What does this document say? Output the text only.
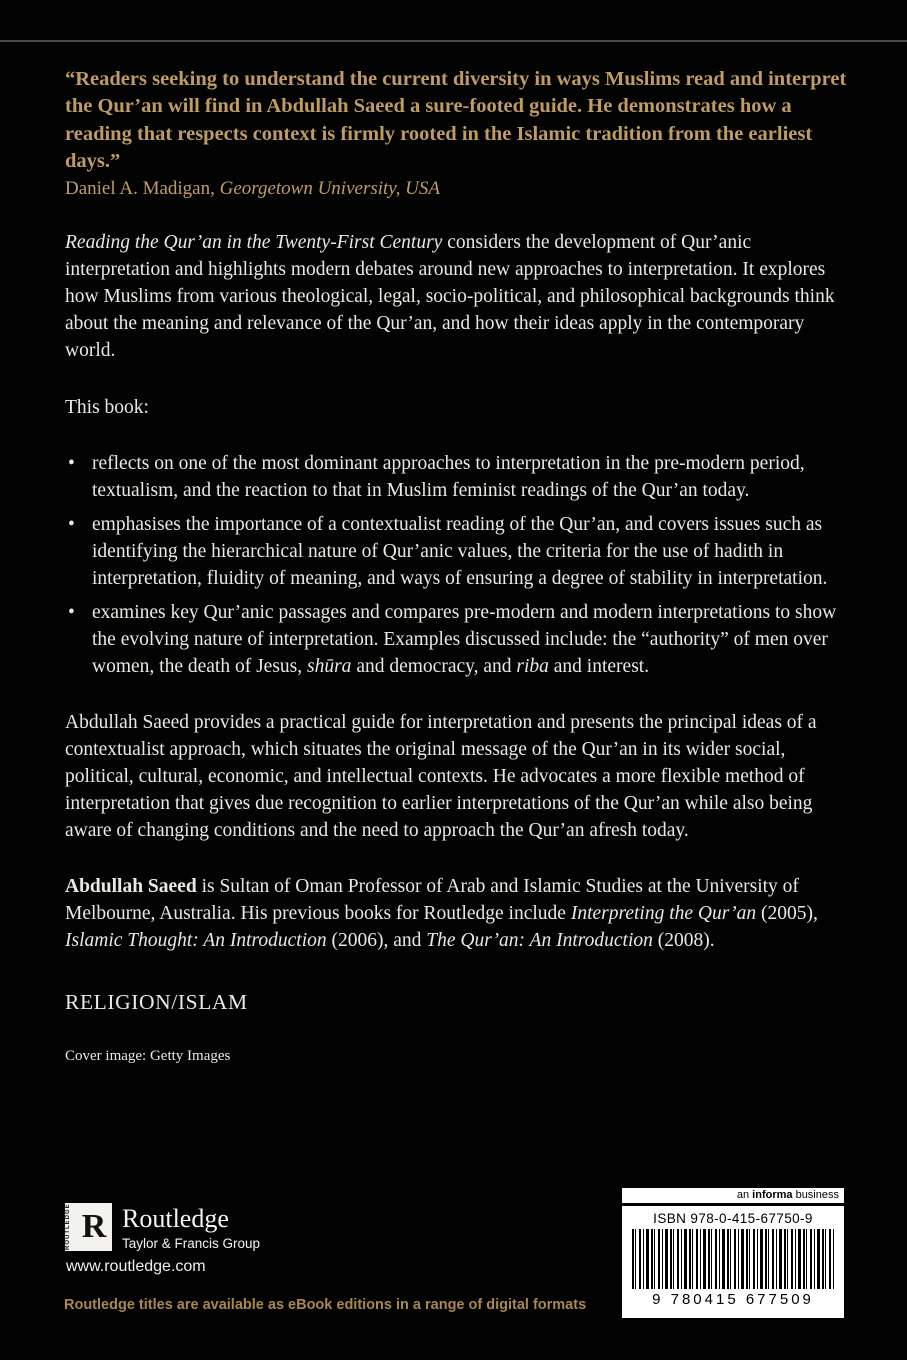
“Readers seeking to understand the current diversity in ways Muslims read and interpret the Qur’an will find in Abdullah Saeed a sure-footed guide. He demonstrates how a reading that respects context is firmly rooted in the Islamic tradition from the earliest days.”

Daniel A. Madigan, Georgetown University, USA

Reading the Qur’an in the Twenty-First Century considers the development of Qur’anic interpretation and highlights modern debates around new approaches to interpretation. It explores how Muslims from various theological, legal, socio-political, and philosophical backgrounds think about the meaning and relevance of the Qur’an, and how their ideas apply in the contemporary world.

This book:

• reflects on one of the most dominant approaches to interpretation in the pre-modern period, textualism, and the reaction to that in Muslim feminist readings of the Qur’an today.
• emphasises the importance of a contextualist reading of the Qur’an, and covers issues such as identifying the hierarchical nature of Qur’anic values, the criteria for the use of hadith in interpretation, fluidity of meaning, and ways of ensuring a degree of stability in interpretation.
• examines key Qur’anic passages and compares pre-modern and modern interpretations to show the evolving nature of interpretation. Examples discussed include: the “authority” of men over women, the death of Jesus, shūra and democracy, and riba and interest.

Abdullah Saeed provides a practical guide for interpretation and presents the principal ideas of a contextualist approach, which situates the original message of the Qur’an in its wider social, political, cultural, economic, and intellectual contexts. He advocates a more flexible method of interpretation that gives due recognition to earlier interpretations of the Qur’an while also being aware of changing conditions and the need to approach the Qur’an afresh today.

Abdullah Saeed is Sultan of Oman Professor of Arab and Islamic Studies at the University of Melbourne, Australia. His previous books for Routledge include Interpreting the Qur’an (2005), Islamic Thought: An Introduction (2006), and The Qur’an: An Introduction (2008).

RELIGION/ISLAM

Cover image: Getty Images

ROUTLEDGE R Routledge
Taylor & Francis Group
www.routledge.com
Routledge titles are available as eBook editions in a range of digital formats
an informa business
ISBN 978-0-415-67750-9
9 780415 677509
